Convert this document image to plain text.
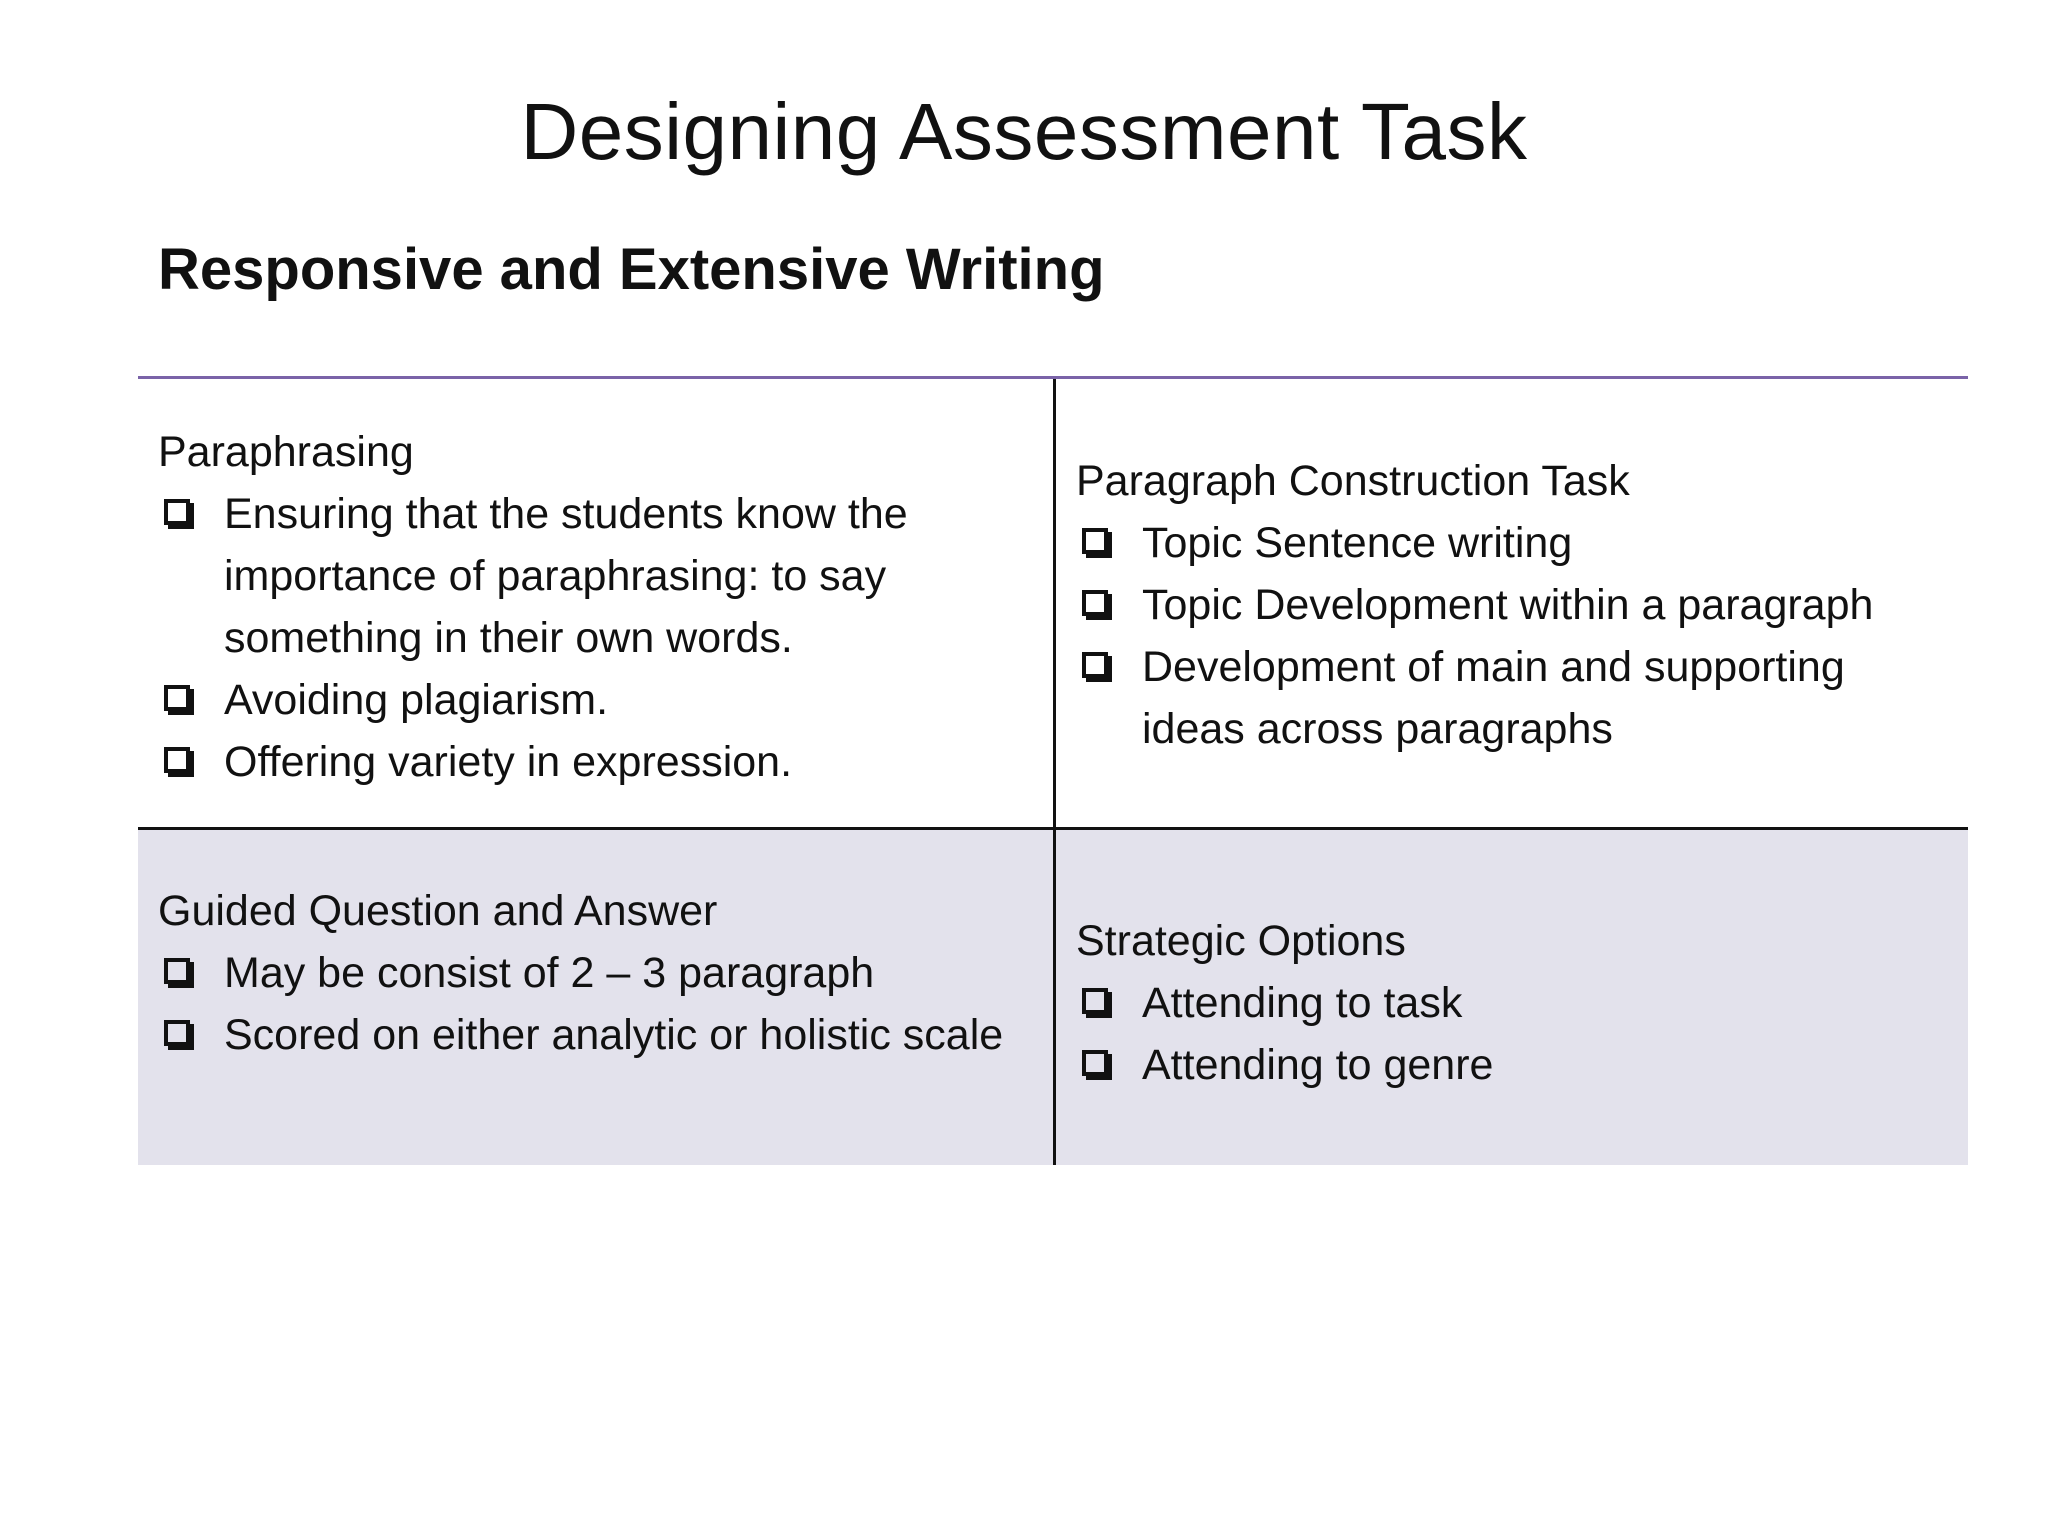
Designing Assessment Task
Responsive and Extensive Writing
Paraphrasing
Ensuring that the students know the importance of paraphrasing: to say something in their own words.
Avoiding plagiarism.
Offering variety in expression.
Paragraph Construction Task
Topic Sentence writing
Topic Development within a paragraph
Development of main and supporting ideas across paragraphs
Guided Question and Answer
May be consist of 2 – 3 paragraph
Scored on either analytic or holistic scale
Strategic Options
Attending to task
Attending to genre
